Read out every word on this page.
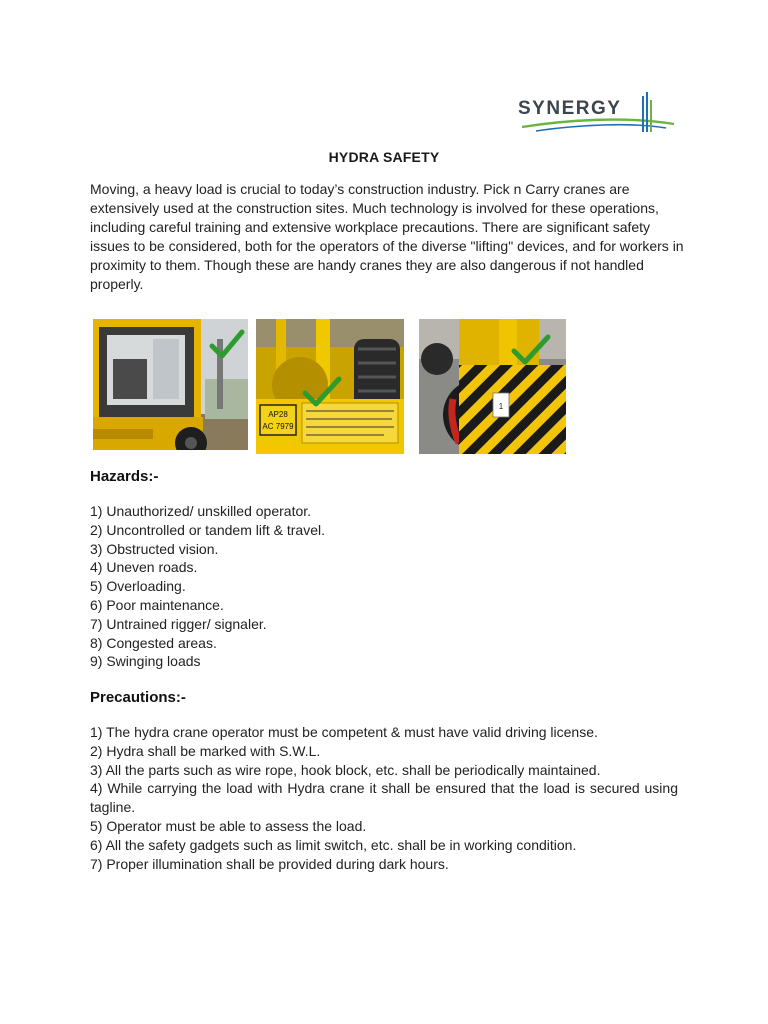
SYNERGY
HYDRA SAFETY
Moving, a heavy load is crucial to today’s construction industry. Pick n Carry cranes are extensively used at the construction sites. Much technology is involved for these operations, including careful training and extensive workplace precautions. There are significant safety issues to be considered, both for the operators of the diverse "lifting" devices, and for workers in proximity to them. Though these are handy cranes they are also dangerous if not handled properly.
AP28
AC 7979
1
Hazards:-
1) Unauthorized/ unskilled operator.
2) Uncontrolled or tandem lift & travel.
3) Obstructed vision.
4) Uneven roads.
5) Overloading.
6) Poor maintenance.
7) Untrained rigger/ signaler.
8) Congested areas.
9) Swinging loads
Precautions:-
1) The hydra crane operator must be competent & must have valid driving license.
2) Hydra shall be marked with S.W.L.
3) All the parts such as wire rope, hook block, etc. shall be periodically maintained.
4) While carrying the load with Hydra crane it shall be ensured that the load is secured using tagline.
5) Operator must be able to assess the load.
6) All the safety gadgets such as limit switch, etc. shall be in working condition.
7) Proper illumination shall be provided during dark hours.
